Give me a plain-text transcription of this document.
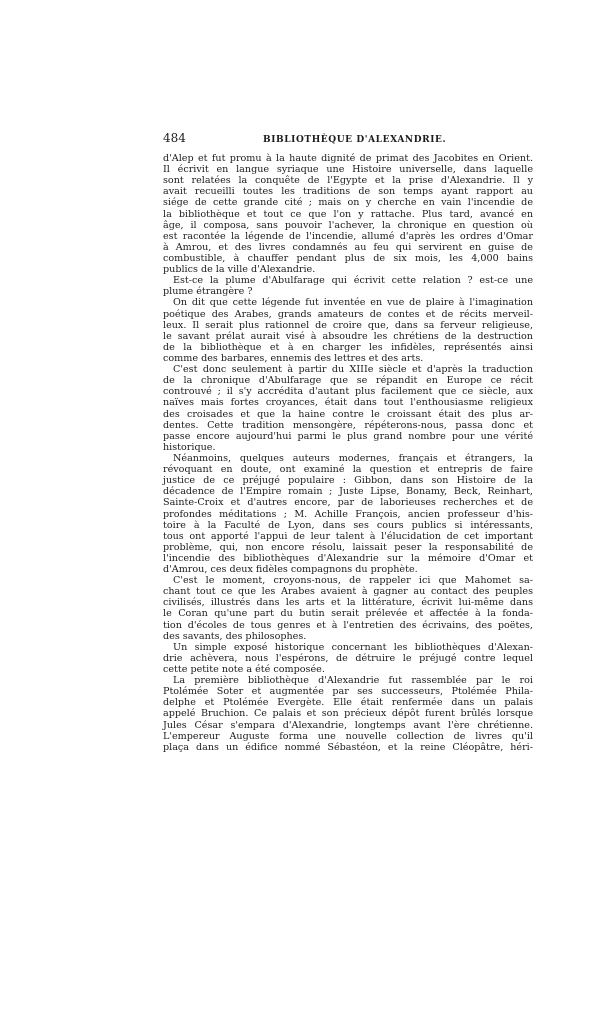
484	BIBLIOTHÈQUE D'ALEXANDRIE.
d'Alep et fut promu à la haute dignité de primat des Jacobites en Orient.
Il écrivit en langue syriaque une Histoire universelle, dans laquelle
sont relatées la conquête de l'Egypte et la prise d'Alexandrie. Il y
avait recueilli toutes les traditions de son temps ayant rapport au
siége de cette grande cité ; mais on y cherche en vain l'incendie de
la bibliothèque et tout ce que l'on y rattache. Plus tard, avancé en
âge, il composa, sans pouvoir l'achever, la chronique en question où
est racontée la légende de l'incendie, allumé d'après les ordres d'Omar
à Amrou, et des livres condamnés au feu qui servirent en guise de
combustible, à chauffer pendant plus de six mois, les 4,000 bains
publics de la ville d'Alexandrie.
Est-ce la plume d'Abulfarage qui écrivit cette relation ? est-ce une
plume étrangère ?
On dit que cette légende fut inventée en vue de plaire à l'imagination
poétique des Arabes, grands amateurs de contes et de récits merveil-
leux. Il serait plus rationnel de croire que, dans sa ferveur religieuse,
le savant prélat aurait visé à absoudre les chrétiens de la destruction
de la bibliothèque et à en charger les infidèles, représentés ainsi
comme des barbares, ennemis des lettres et des arts.
C'est donc seulement à partir du XIIIe siècle et d'après la traduction
de la chronique d'Abulfarage que se répandit en Europe ce récit
controuvé ; il s'y accrédita d'autant plus facilement que ce siècle, aux
naïves mais fortes croyances, était dans tout l'enthousiasme religieux
des croisades et que la haine contre le croissant était des plus ar-
dentes. Cette tradition mensongère, répéterons-nous, passa donc et
passe encore aujourd'hui parmi le plus grand nombre pour une vérité
historique.
Néanmoins, quelques auteurs modernes, français et étrangers, la
révoquant en doute, ont examiné la question et entrepris de faire
justice de ce préjugé populaire : Gibbon, dans son Histoire de la
décadence de l'Empire romain ; Juste Lipse, Bonamy, Beck, Reinhart,
Sainte-Croix et d'autres encore, par de laborieuses recherches et de
profondes méditations ; M. Achille François, ancien professeur d'his-
toire à la Faculté de Lyon, dans ses cours publics si intéressants,
tous ont apporté l'appui de leur talent à l'élucidation de cet important
problème, qui, non encore résolu, laissait peser la responsabilité de
l'incendie des bibliothèques d'Alexandrie sur la mémoire d'Omar et
d'Amrou, ces deux fidèles compagnons du prophète.
C'est le moment, croyons-nous, de rappeler ici que Mahomet sa-
chant tout ce que les Arabes avaient à gagner au contact des peuples
civilisés, illustrés dans les arts et la littérature, écrivit lui-même dans
le Coran qu'une part du butin serait prélevée et affectée à la fonda-
tion d'écoles de tous genres et à l'entretien des écrivains, des poëtes,
des savants, des philosophes.
Un simple exposé historique concernant les bibliothèques d'Alexan-
drie achèvera, nous l'espérons, de détruire le préjugé contre lequel
cette petite note a été composée.
La première bibliothèque d'Alexandrie fut rassemblée par le roi
Ptolémée Soter et augmentée par ses successeurs, Ptolémée Phila-
delphe et Ptolémée Evergète. Elle était renfermée dans un palais
appelé Bruchion. Ce palais et son précieux dépôt furent brûlés lorsque
Jules César s'empara d'Alexandrie, longtemps avant l'ère chrétienne.
L'empereur Auguste forma une nouvelle collection de livres qu'il
plaça dans un édifice nommé Sébastéon, et la reine Cléopâtre, héri-
